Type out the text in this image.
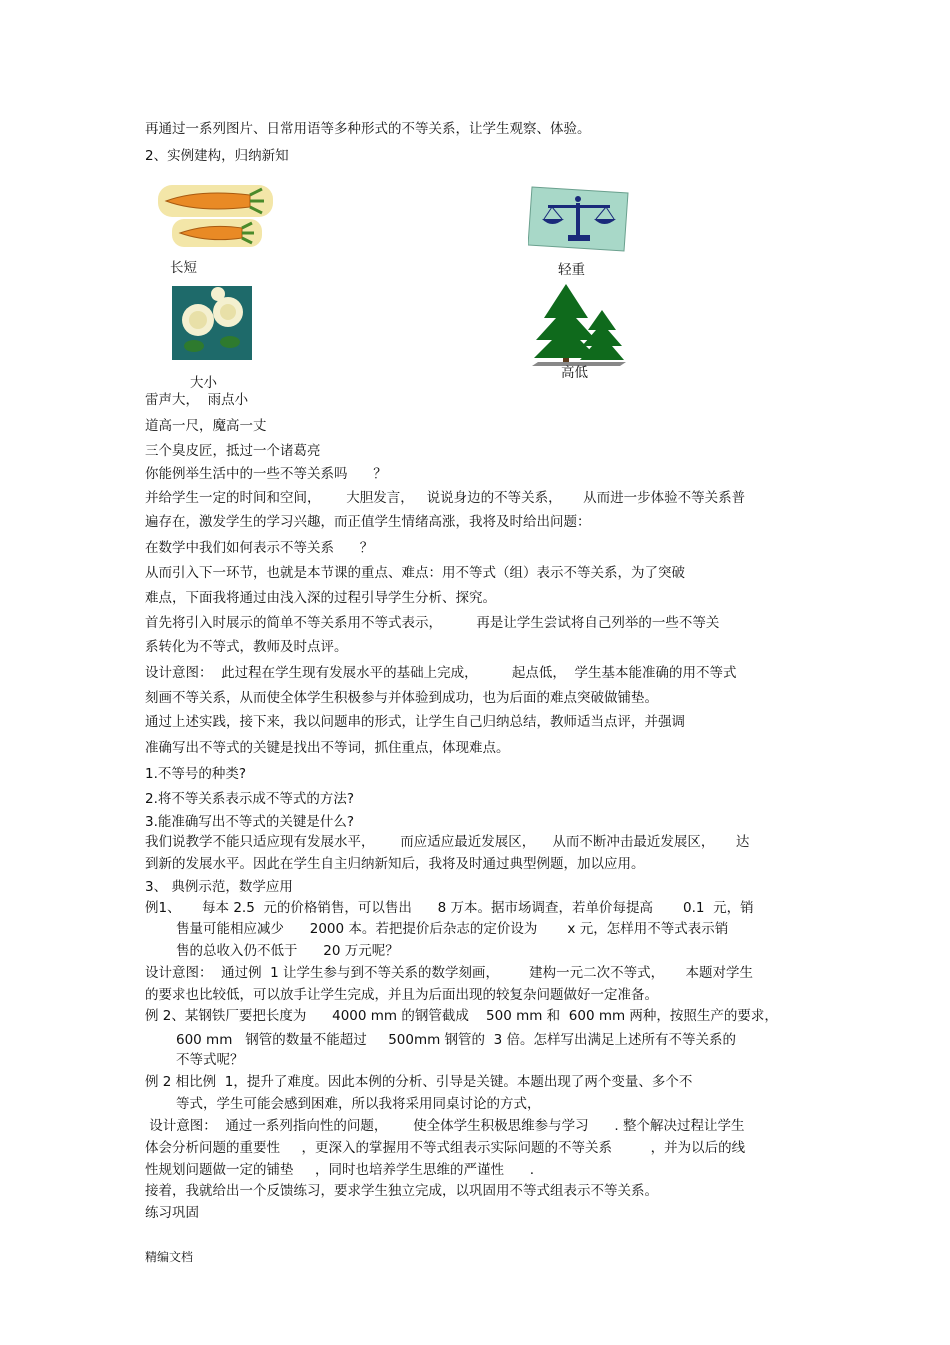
再通过一系列图片、日常用语等多种形式的不等关系，让学生观察、体验。
2、实例建构，归纳新知
长短	轻重
大小
高低
雷声大，  雨点小
道高一尺，魔高一丈
三个臭皮匠，抵过一个诸葛亮
你能例举生活中的一些不等关系吗      ？
并给学生一定的时间和空间，      大胆发言，   说说身边的不等关系，     从而进一步体验不等关系普
遍存在，激发学生的学习兴趣，而正值学生情绪高涨，我将及时给出问题：
在数学中我们如何表示不等关系      ？
从而引入下一环节，也就是本节课的重点、难点：用不等式（组）表示不等关系，为了突破
难点，下面我将通过由浅入深的过程引导学生分析、探究。
首先将引入时展示的简单不等关系用不等式表示，        再是让学生尝试将自己列举的一些不等关
系转化为不等式，教师及时点评。
设计意图：  此过程在学生现有发展水平的基础上完成，        起点低，  学生基本能准确的用不等式
刻画不等关系，从而使全体学生积极参与并体验到成功，也为后面的难点突破做铺垫。
通过上述实践，接下来，我以问题串的形式，让学生自己归纳总结，教师适当点评，并强调
准确写出不等式的关键是找出不等词，抓住重点，体现难点。
1.不等号的种类?
2.将不等关系表示成不等式的方法?
3.能准确写出不等式的关键是什么?
我们说教学不能只适应现有发展水平，      而应适应最近发展区，    从而不断冲击最近发展区，     达
到新的发展水平。因此在学生自主归纳新知后，我将及时通过典型例题，加以应用。
3、 典例示范，数学应用
例1、     每本 2.5  元的价格销售，可以售出      8 万本。据市场调查，若单价每提高       0.1  元，销
售量可能相应减少      2000 本。若把提价后杂志的定价设为       x 元，怎样用不等式表示销
售的总收入仍不低于      20 万元呢？
设计意图：  通过例  1 让学生参与到不等关系的数学刻画，       建构一元二次不等式，     本题对学生
的要求也比较低，可以放手让学生完成，并且为后面出现的较复杂问题做好一定准备。
例 2、某钢铁厂要把长度为      4000 mm 的钢管截成    500 mm 和  600 mm 两种，按照生产的要求，
600 mm   钢管的数量不能超过     500mm 钢管的  3 倍。怎样写出满足上述所有不等关系的
不等式呢？
例 2 相比例  1，提升了难度。因此本例的分析、引导是关键。本题出现了两个变量、多个不
等式，学生可能会感到困难，所以我将采用同桌讨论的方式，
设计意图：  通过一系列指向性的问题，      使全体学生积极思维参与学习      . 整个解决过程让学生
体会分析问题的重要性     ，更深入的掌握用不等式组表示实际问题的不等关系         ，并为以后的线
性规划问题做一定的铺垫     ，同时也培养学生思维的严谨性      .
接着，我就给出一个反馈练习，要求学生独立完成，以巩固用不等式组表示不等关系。
练习巩固
精编文档
